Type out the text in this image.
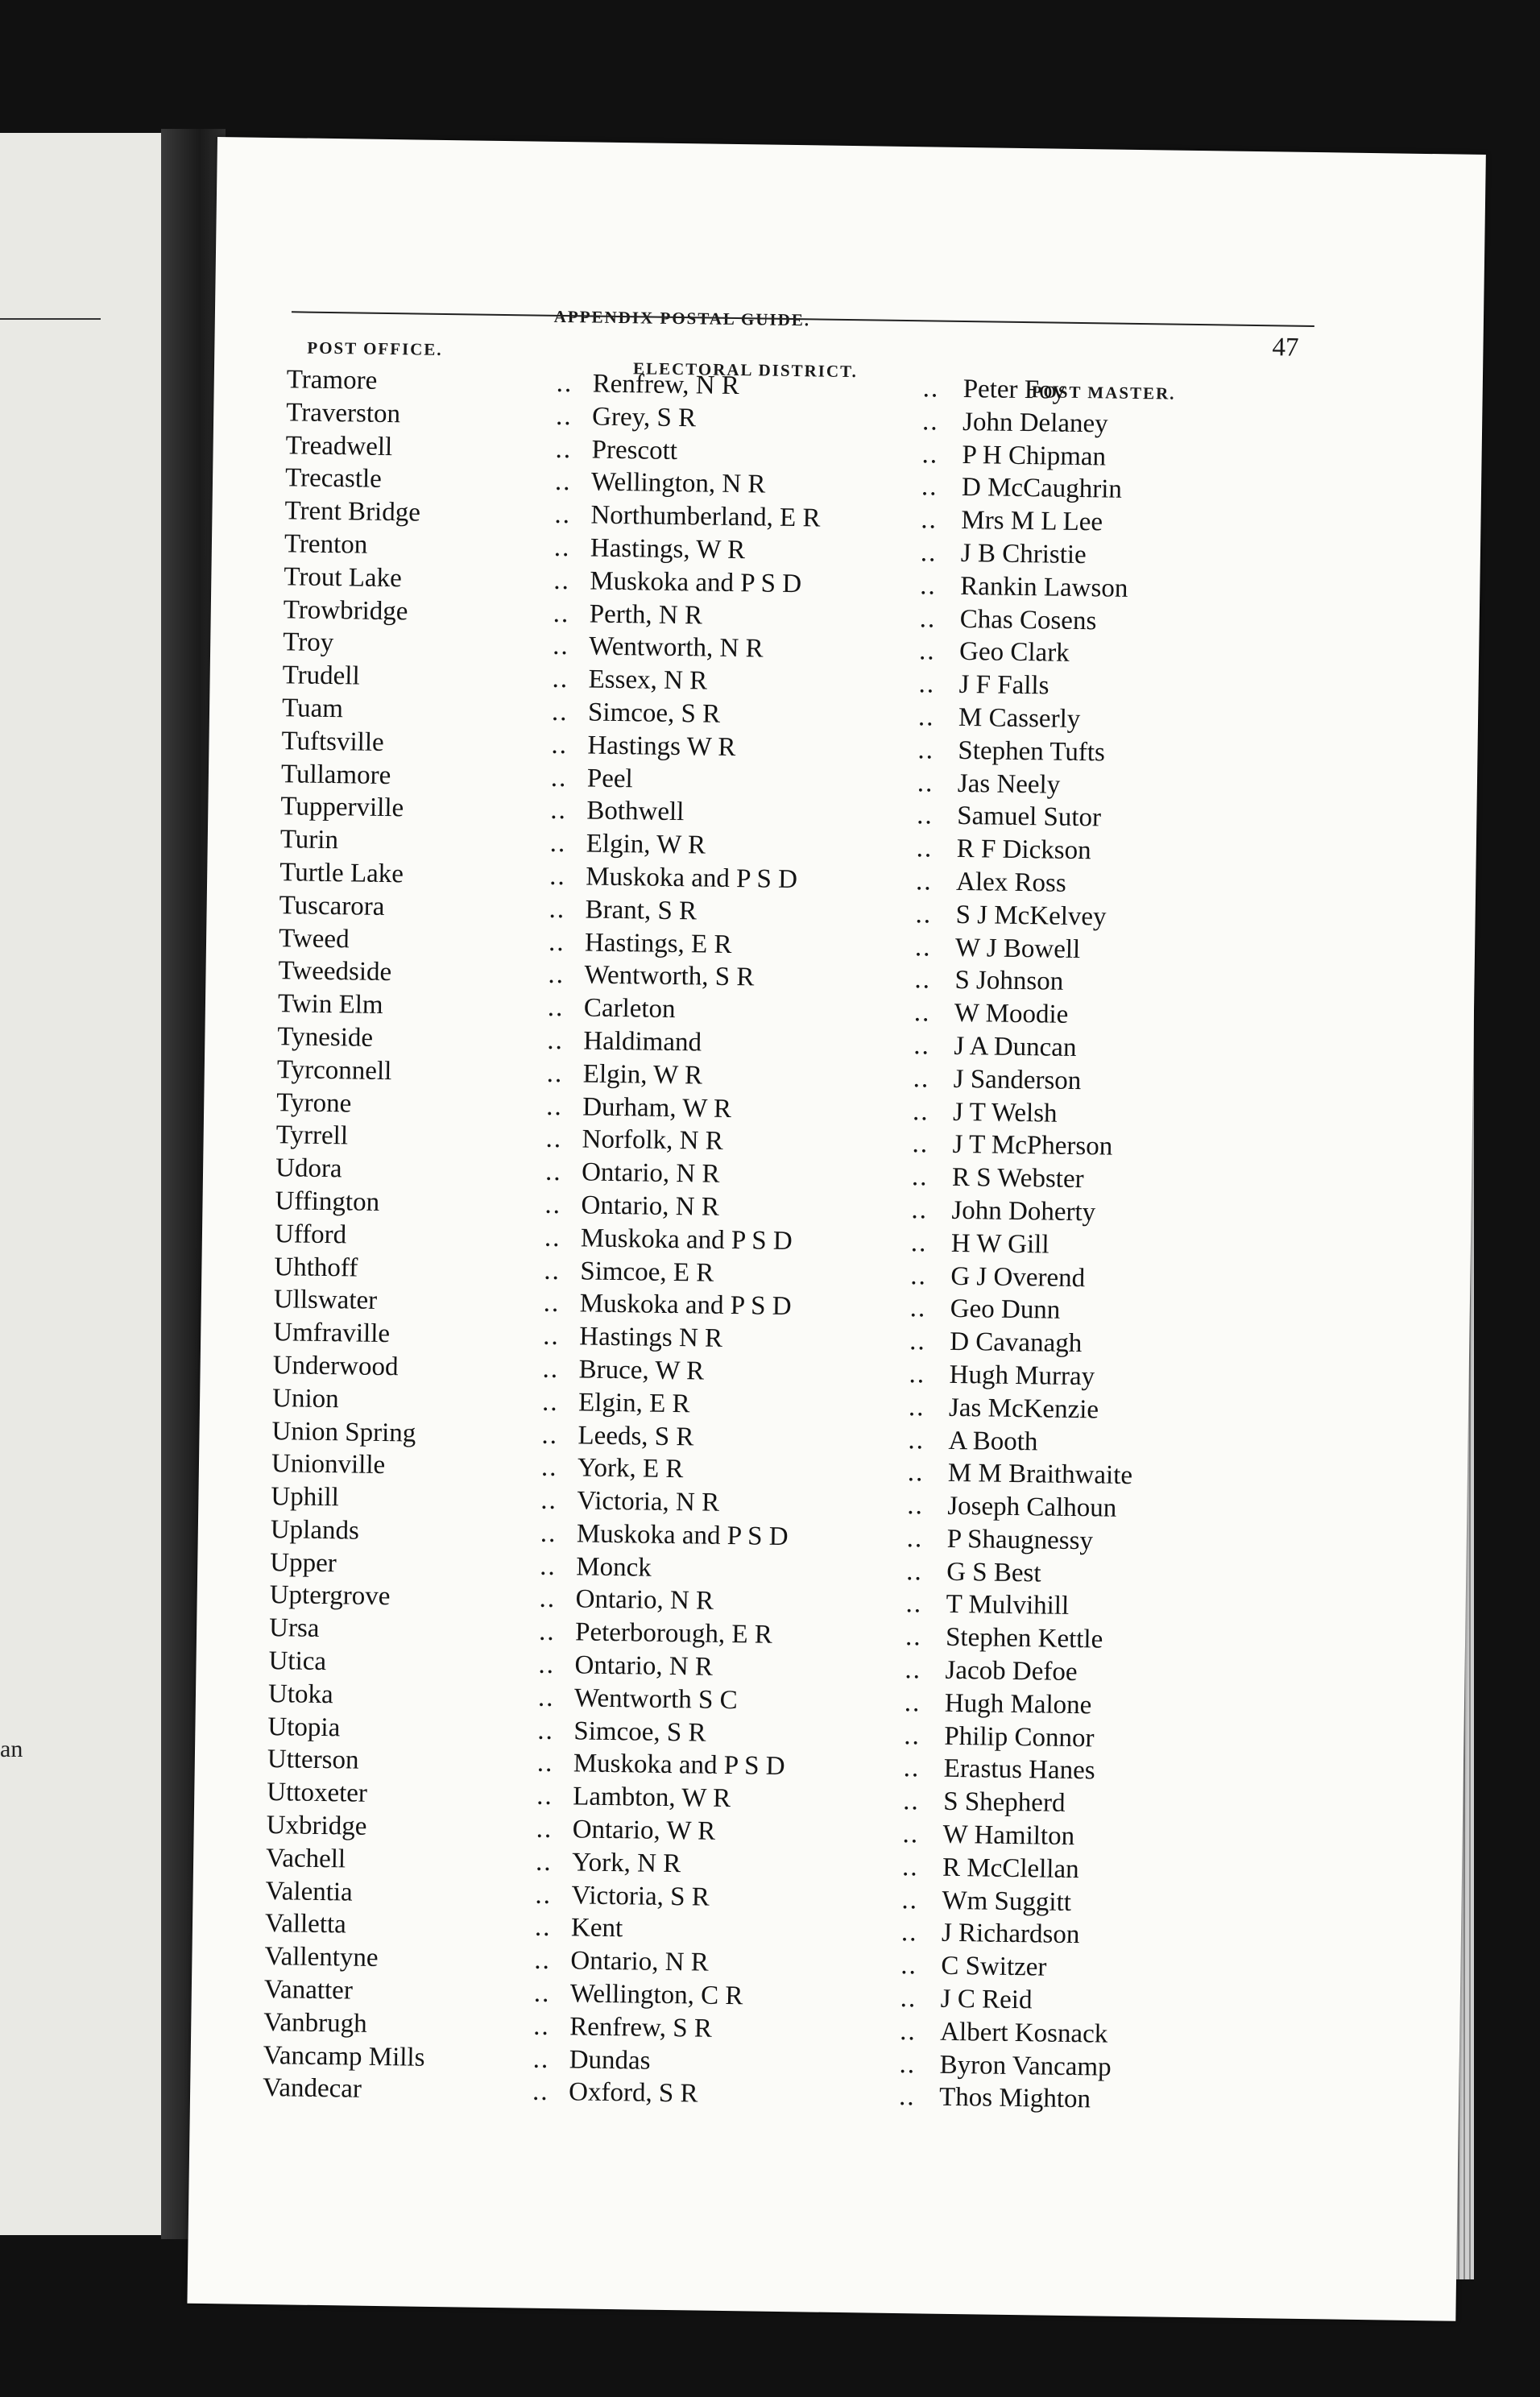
an
APPENDIX POSTAL GUIDE.
47
POST OFFICE.
ELECTORAL DISTRICT.
POST MASTER.
Tramore	.. Renfrew, N R	.. Peter Foy
Traverston	.. Grey, S R	.. John Delaney
Treadwell	.. Prescott	.. P H Chipman
Trecastle	.. Wellington, N R	.. D McCaughrin
Trent Bridge	.. Northumberland, E R	.. Mrs M L Lee
Trenton	.. Hastings, W R	.. J B Christie
Trout Lake	.. Muskoka and P S D	.. Rankin Lawson
Trowbridge	.. Perth, N R	.. Chas Cosens
Troy	.. Wentworth, N R	.. Geo Clark
Trudell	.. Essex, N R	.. J F Falls
Tuam	.. Simcoe, S R	.. M Casserly
Tuftsville	.. Hastings W R	.. Stephen Tufts
Tullamore	.. Peel	.. Jas Neely
Tupperville	.. Bothwell	.. Samuel Sutor
Turin	.. Elgin, W R	.. R F Dickson
Turtle Lake	.. Muskoka and P S D	.. Alex Ross
Tuscarora	.. Brant, S R	.. S J McKelvey
Tweed	.. Hastings, E R	.. W J Bowell
Tweedside	.. Wentworth, S R	.. S Johnson
Twin Elm	.. Carleton	.. W Moodie
Tyneside	.. Haldimand	.. J A Duncan
Tyrconnell	.. Elgin, W R	.. J Sanderson
Tyrone	.. Durham, W R	.. J T Welsh
Tyrrell	.. Norfolk, N R	.. J T McPherson
Udora	.. Ontario, N R	.. R S Webster
Uffington	.. Ontario, N R	.. John Doherty
Ufford	.. Muskoka and P S D	.. H W Gill
Uhthoff	.. Simcoe, E R	.. G J Overend
Ullswater	.. Muskoka and P S D	.. Geo Dunn
Umfraville	.. Hastings N R	.. D Cavanagh
Underwood	.. Bruce, W R	.. Hugh Murray
Union	.. Elgin, E R	.. Jas McKenzie
Union Spring	.. Leeds, S R	.. A Booth
Unionville	.. York, E R	.. M M Braithwaite
Uphill	.. Victoria, N R	.. Joseph Calhoun
Uplands	.. Muskoka and P S D	.. P Shaugnessy
Upper	.. Monck	.. G S Best
Uptergrove	.. Ontario, N R	.. T Mulvihill
Ursa	.. Peterborough, E R	.. Stephen Kettle
Utica	.. Ontario, N R	.. Jacob Defoe
Utoka	.. Wentworth S C	.. Hugh Malone
Utopia	.. Simcoe, S R	.. Philip Connor
Utterson	.. Muskoka and P S D	.. Erastus Hanes
Uttoxeter	.. Lambton, W R	.. S Shepherd
Uxbridge	.. Ontario, W R	.. W Hamilton
Vachell	.. York, N R	.. R McClellan
Valentia	.. Victoria, S R	.. Wm Suggitt
Valletta	.. Kent	.. J Richardson
Vallentyne	.. Ontario, N R	.. C Switzer
Vanatter	.. Wellington, C R	.. J C Reid
Vanbrugh	.. Renfrew, S R	.. Albert Kosnack
Vancamp Mills	.. Dundas	.. Byron Vancamp
Vandecar	.. Oxford, S R	.. Thos Mighton
